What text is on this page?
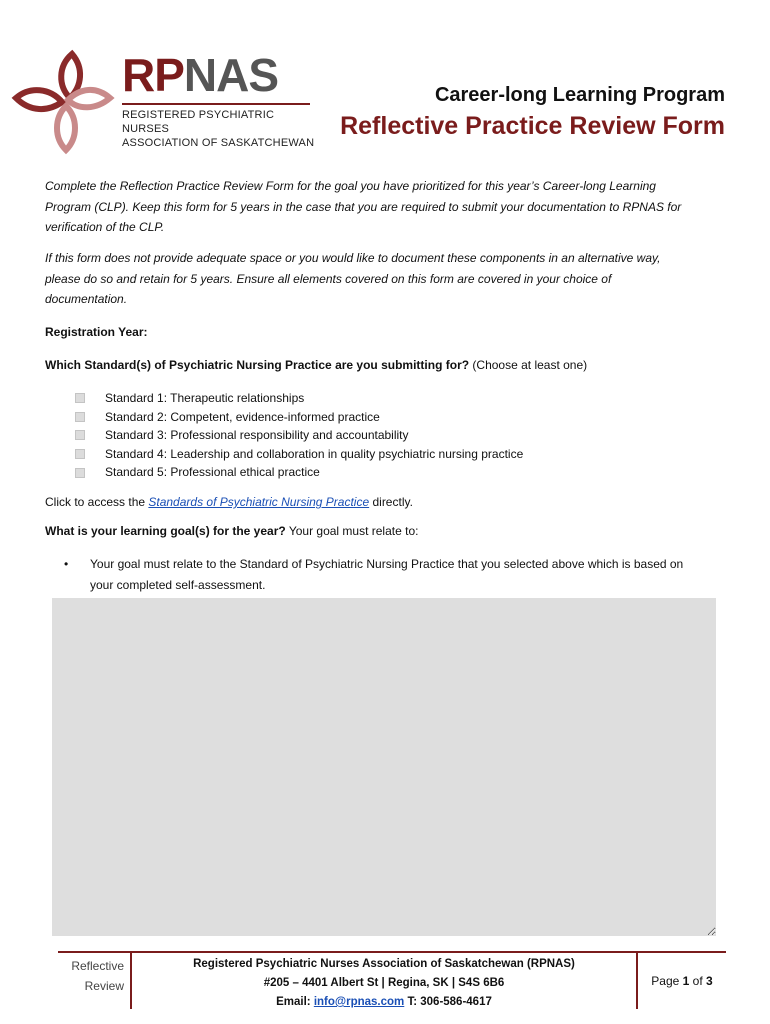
RPNAS
REGISTERED PSYCHIATRIC NURSES
ASSOCIATION OF SASKATCHEWAN
Career-long Learning Program
Reflective Practice Review Form
Complete the Reflection Practice Review Form for the goal you have prioritized for this year’s Career-long Learning
Program (CLP). Keep this form for 5 years in the case that you are required to submit your documentation to RPNAS for
verification of the CLP.
If this form does not provide adequate space or you would like to document these components in an alternative way,
please do so and retain for 5 years. Ensure all elements covered on this form are covered in your choice of
documentation.
Registration Year:
Which Standard(s) of Psychiatric Nursing Practice are you submitting for? (Choose at least one)
Standard 1: Therapeutic relationships
Standard 2: Competent, evidence-informed practice
Standard 3: Professional responsibility and accountability
Standard 4: Leadership and collaboration in quality psychiatric nursing practice
Standard 5: Professional ethical practice
Click to access the Standards of Psychiatric Nursing Practice directly.
What is your learning goal(s) for the year? Your goal must relate to:
•	Your goal must relate to the Standard of Psychiatric Nursing Practice that you selected above which is based on
your completed self-assessment.
Reflective
Review
Registered Psychiatric Nurses Association of Saskatchewan (RPNAS)
#205 – 4401 Albert St | Regina, SK | S4S 6B6
Email: info@rpnas.com T: 306-586-4617
Page 1 of 3
